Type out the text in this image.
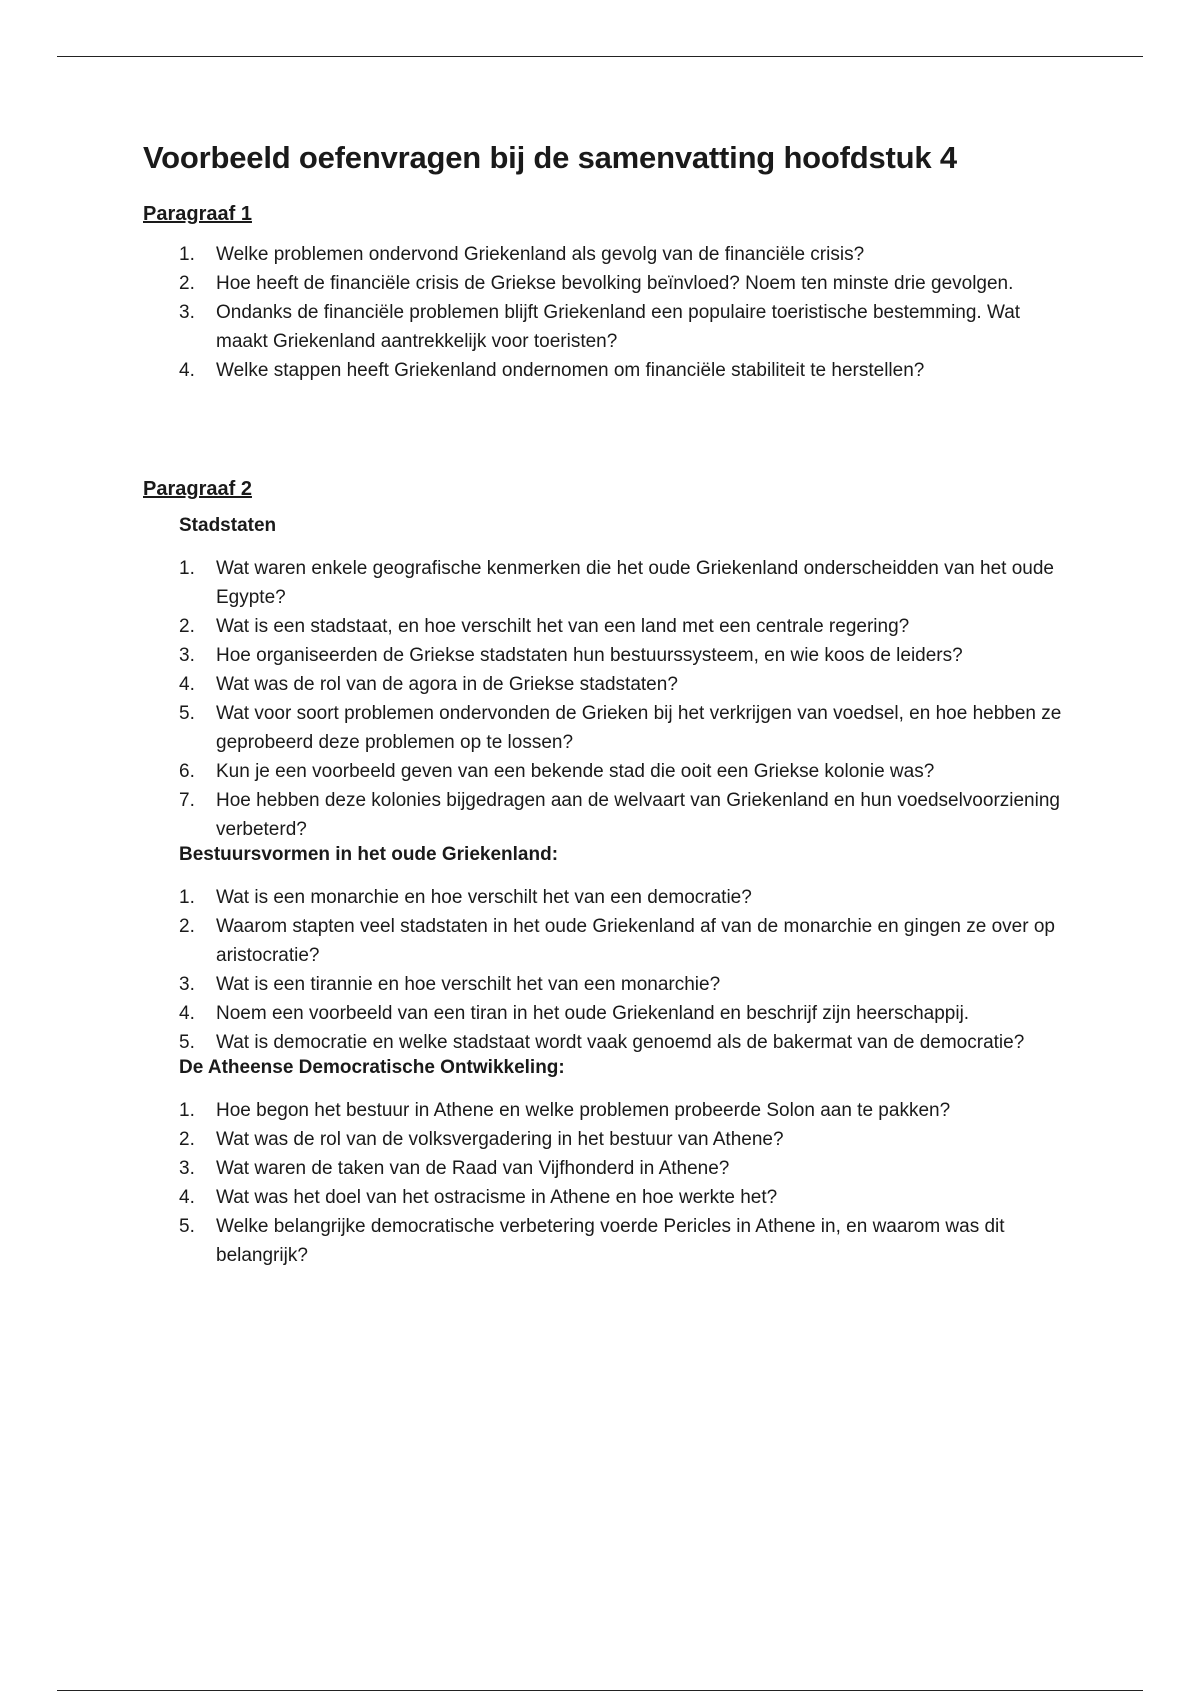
Voorbeeld oefenvragen bij de samenvatting hoofdstuk 4
Paragraaf 1
1.	Welke problemen ondervond Griekenland als gevolg van de financiële crisis?
2.	Hoe heeft de financiële crisis de Griekse bevolking beïnvloed? Noem ten minste drie gevolgen.
3.	Ondanks de financiële problemen blijft Griekenland een populaire toeristische bestemming. Wat maakt Griekenland aantrekkelijk voor toeristen?
4.	Welke stappen heeft Griekenland ondernomen om financiële stabiliteit te herstellen?
Paragraaf 2
Stadstaten
1.	Wat waren enkele geografische kenmerken die het oude Griekenland onderscheidden van het oude Egypte?
2.	Wat is een stadstaat, en hoe verschilt het van een land met een centrale regering?
3.	Hoe organiseerden de Griekse stadstaten hun bestuurssysteem, en wie koos de leiders?
4.	Wat was de rol van de agora in de Griekse stadstaten?
5.	Wat voor soort problemen ondervonden de Grieken bij het verkrijgen van voedsel, en hoe hebben ze geprobeerd deze problemen op te lossen?
6.	Kun je een voorbeeld geven van een bekende stad die ooit een Griekse kolonie was?
7.	Hoe hebben deze kolonies bijgedragen aan de welvaart van Griekenland en hun voedselvoorziening verbeterd?
Bestuursvormen in het oude Griekenland:
1.	Wat is een monarchie en hoe verschilt het van een democratie?
2.	Waarom stapten veel stadstaten in het oude Griekenland af van de monarchie en gingen ze over op aristocratie?
3.	Wat is een tirannie en hoe verschilt het van een monarchie?
4.	Noem een voorbeeld van een tiran in het oude Griekenland en beschrijf zijn heerschappij.
5.	Wat is democratie en welke stadstaat wordt vaak genoemd als de bakermat van de democratie?
De Atheense Democratische Ontwikkeling:
1.	Hoe begon het bestuur in Athene en welke problemen probeerde Solon aan te pakken?
2.	Wat was de rol van de volksvergadering in het bestuur van Athene?
3.	Wat waren de taken van de Raad van Vijfhonderd in Athene?
4.	Wat was het doel van het ostracisme in Athene en hoe werkte het?
5.	Welke belangrijke democratische verbetering voerde Pericles in Athene in, en waarom was dit belangrijk?
